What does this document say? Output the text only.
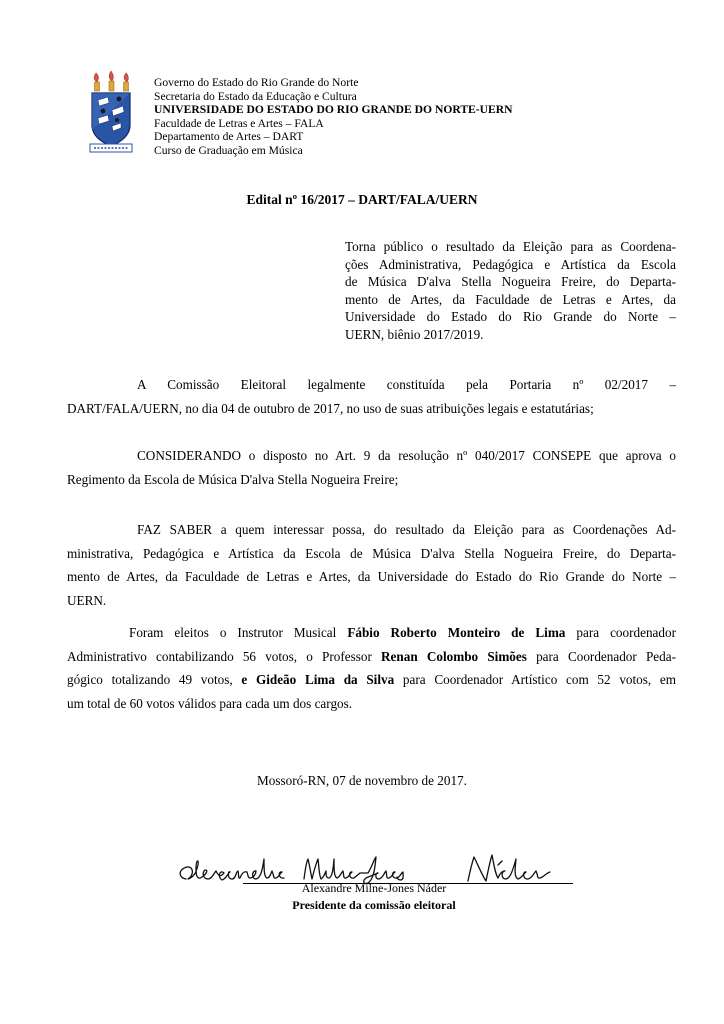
Governo do Estado do Rio Grande do Norte
Secretaria do Estado da Educação e Cultura
UNIVERSIDADE DO ESTADO DO RIO GRANDE DO NORTE-UERN
Faculdade de Letras e Artes – FALA
Departamento de Artes – DART
Curso de Graduação em Música
Edital nº 16/2017 – DART/FALA/UERN
Torna público o resultado da Eleição para as Coordena-
ções Administrativa, Pedagógica e Artística da Escola
de Música D'alva Stella Nogueira Freire, do Departa-
mento de Artes, da Faculdade de Letras e Artes, da
Universidade do Estado do Rio Grande do Norte –
UERN, biênio 2017/2019.
A Comissão Eleitoral legalmente constituída pela Portaria nº 02/2017 –
DART/FALA/UERN, no dia 04 de outubro de 2017, no uso de suas atribuições legais e estatutárias;
CONSIDERANDO o disposto no Art. 9 da resolução nº 040/2017 CONSEPE que aprova o
Regimento da Escola de Música D'alva Stella Nogueira Freire;
FAZ SABER a quem interessar possa, do resultado da Eleição para as Coordenações Ad-
ministrativa, Pedagógica e Artística da Escola de Música D'alva Stella Nogueira Freire, do Departa-
mento de Artes, da Faculdade de Letras e Artes, da Universidade do Estado do Rio Grande do Norte –
UERN.
Foram eleitos o Instrutor Musical Fábio Roberto Monteiro de Lima para coordenador
Administrativo contabilizando 56 votos, o Professor Renan Colombo Simões para Coordenador Peda-
gógico totalizando 49 votos, e Gideão Lima da Silva para Coordenador Artístico com 52 votos, em
um total de 60 votos válidos para cada um dos cargos.
Mossoró-RN, 07 de novembro de 2017.
Alexandre Milne-Jones Náder
Presidente da comissão eleitoral
